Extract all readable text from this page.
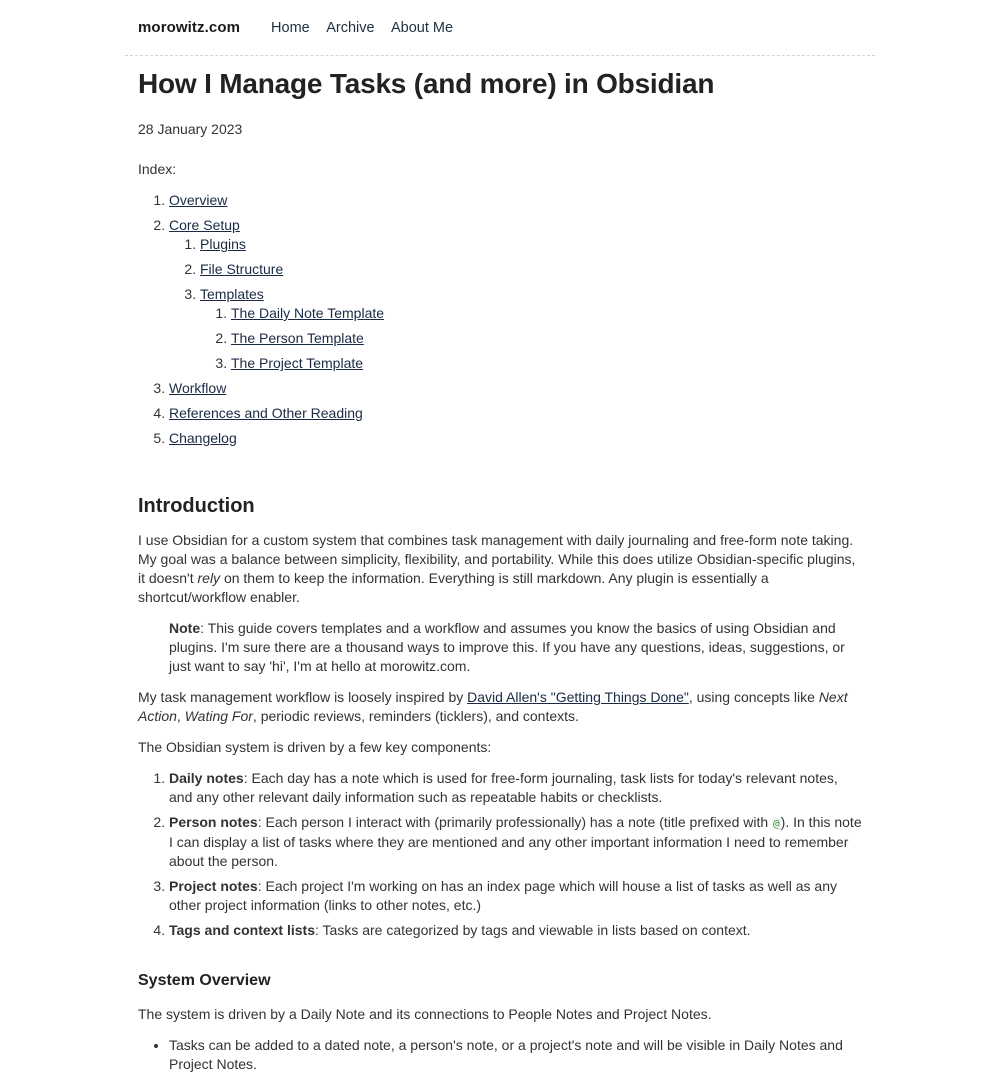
morowitz.com Home Archive About Me
How I Manage Tasks (and more) in Obsidian

28 January 2023

Index:

1. Overview
2. Core Setup
1. Plugins
2. File Structure
3. Templates
1. The Daily Note Template
2. The Person Template
3. The Project Template
3. Workflow
4. References and Other Reading
5. Changelog
Introduction

I use Obsidian for a custom system that combines task management with daily journaling and free-form note taking. My goal was a balance between simplicity, flexibility, and portability. While this does utilize Obsidian-specific plugins, it doesn't rely on them to keep the information. Everything is still markdown. Any plugin is essentially a shortcut/workflow enabler.

Note: This guide covers templates and a workflow and assumes you know the basics of using Obsidian and plugins. I'm sure there are a thousand ways to improve this. If you have any questions, ideas, suggestions, or just want to say 'hi', I'm at hello at morowitz.com.

My task management workflow is loosely inspired by David Allen's "Getting Things Done", using concepts like Next Action, Wating For, periodic reviews, reminders (ticklers), and contexts.

The Obsidian system is driven by a few key components:

1. Daily notes: Each day has a note which is used for free-form journaling, task lists for today's relevant notes, and any other relevant daily information such as repeatable habits or checklists.
2. Person notes: Each person I interact with (primarily professionally) has a note (title prefixed with @). In this note I can display a list of tasks where they are mentioned and any other important information I need to remember about the person.
3. Project notes: Each project I'm working on has an index page which will house a list of tasks as well as any other project information (links to other notes, etc.)
4. Tags and context lists: Tasks are categorized by tags and viewable in lists based on context.
System Overview

The system is driven by a Daily Note and its connections to People Notes and Project Notes.

• Tasks can be added to a dated note, a person's note, or a project's note and will be visible in Daily Notes and Project Notes.
